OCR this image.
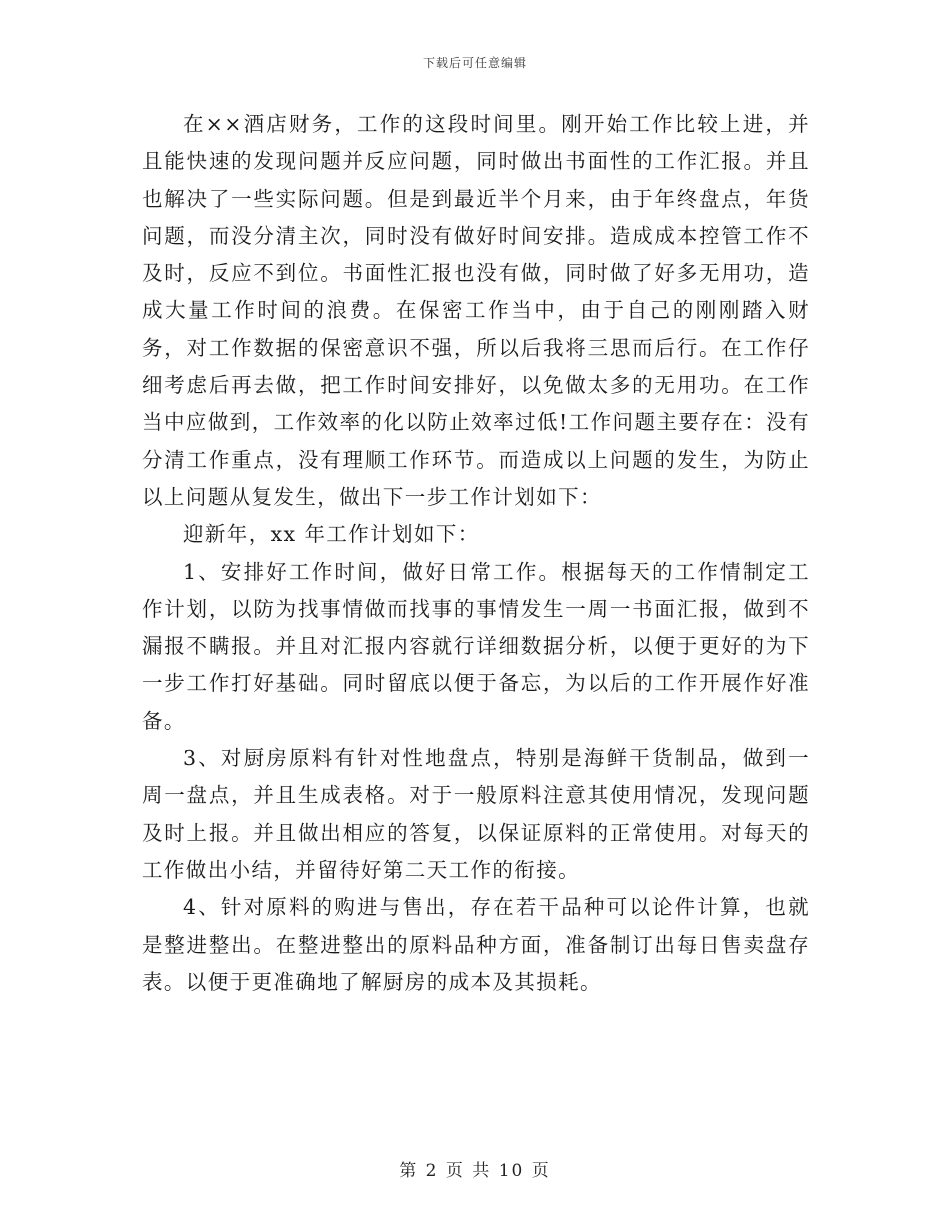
下载后可任意编辑

在××酒店财务，工作的这段时间里。刚开始工作比较上进，并且能快速的发现问题并反应问题，同时做出书面性的工作汇报。并且也解决了一些实际问题。但是到最近半个月来，由于年终盘点，年货问题，而没分清主次，同时没有做好时间安排。造成成本控管工作不及时，反应不到位。书面性汇报也没有做，同时做了好多无用功，造成大量工作时间的浪费。在保密工作当中，由于自己的刚刚踏入财务，对工作数据的保密意识不强，所以后我将三思而后行。在工作仔细考虑后再去做，把工作时间安排好，以免做太多的无用功。在工作当中应做到，工作效率的化以防止效率过低!工作问题主要存在：没有分清工作重点，没有理顺工作环节。而造成以上问题的发生，为防止以上问题从复发生，做出下一步工作计划如下：

迎新年，xx 年工作计划如下：

1、安排好工作时间，做好日常工作。根据每天的工作情制定工作计划，以防为找事情做而找事的事情发生一周一书面汇报，做到不漏报不瞒报。并且对汇报内容就行详细数据分析，以便于更好的为下一步工作打好基础。同时留底以便于备忘，为以后的工作开展作好准备。

3、对厨房原料有针对性地盘点，特别是海鲜干货制品，做到一周一盘点，并且生成表格。对于一般原料注意其使用情况，发现问题及时上报。并且做出相应的答复，以保证原料的正常使用。对每天的工作做出小结，并留待好第二天工作的衔接。

4、针对原料的购进与售出，存在若干品种可以论件计算，也就是整进整出。在整进整出的原料品种方面，准备制订出每日售卖盘存表。以便于更准确地了解厨房的成本及其损耗。

第 2 页 共 10 页
